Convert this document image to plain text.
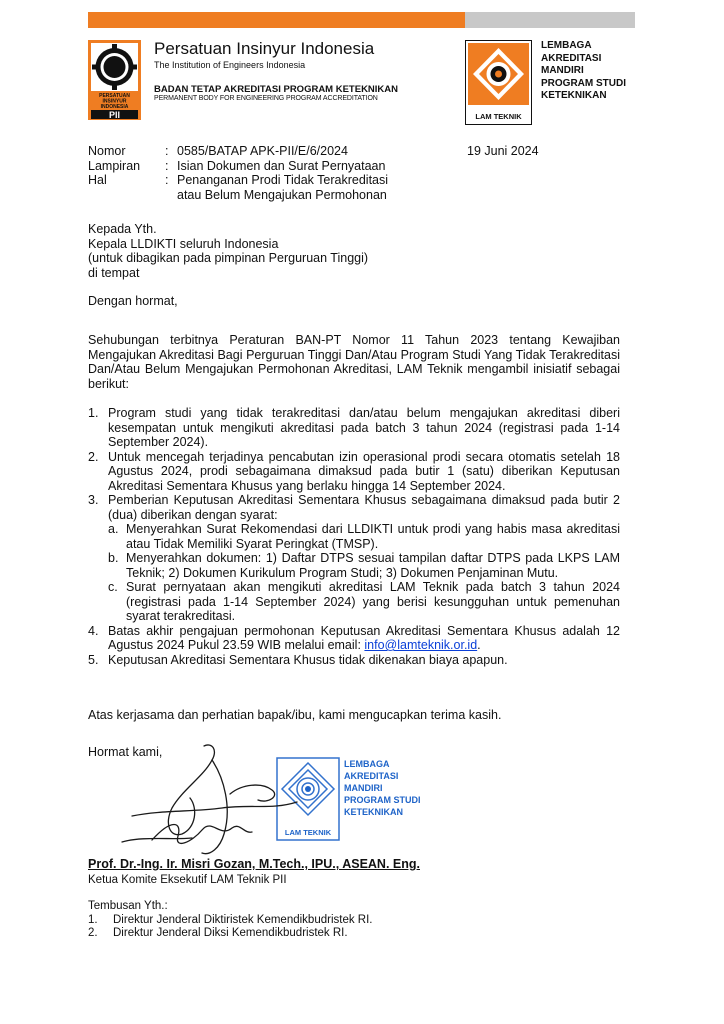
PERSATUAN
INSINYUR
INDONESIA
PII
Persatuan Insinyur Indonesia
The Institution of Engineers Indonesia
BADAN TETAP AKREDITASI PROGRAM KETEKNIKAN
PERMANENT BODY FOR ENGINEERING PROGRAM ACCREDITATION
LAM TEKNIK
LEMBAGA
AKREDITASI
MANDIRI
PROGRAM STUDI
KETEKNIKAN
Nomor	: 0585/BATAP APK-PII/E/6/2024
Lampiran	: Isian Dokumen dan Surat Pernyataan
Hal	: Penanganan Prodi Tidak Terakreditasi atau Belum Mengajukan Permohonan
19 Juni 2024
Kepada Yth.
Kepala LLDIKTI seluruh Indonesia
(untuk dibagikan pada pimpinan Perguruan Tinggi)
di tempat
Dengan hormat,
Sehubungan terbitnya Peraturan BAN-PT Nomor 11 Tahun 2023 tentang Kewajiban Mengajukan Akreditasi Bagi Perguruan Tinggi Dan/Atau Program Studi Yang Tidak Terakreditasi Dan/Atau Belum Mengajukan Permohonan Akreditasi, LAM Teknik mengambil inisiatif sebagai berikut:
1. Program studi yang tidak terakreditasi dan/atau belum mengajukan akreditasi diberi kesempatan untuk mengikuti akreditasi pada batch 3 tahun 2024 (registrasi pada 1-14 September 2024).
2. Untuk mencegah terjadinya pencabutan izin operasional prodi secara otomatis setelah 18 Agustus 2024, prodi sebagaimana dimaksud pada butir 1 (satu) diberikan Keputusan Akreditasi Sementara Khusus yang berlaku hingga 14 September 2024.
3. Pemberian Keputusan Akreditasi Sementara Khusus sebagaimana dimaksud pada butir 2 (dua) diberikan dengan syarat:
a. Menyerahkan Surat Rekomendasi dari LLDIKTI untuk prodi yang habis masa akreditasi atau Tidak Memiliki Syarat Peringkat (TMSP).
b. Menyerahkan dokumen: 1) Daftar DTPS sesuai tampilan daftar DTPS pada LKPS LAM Teknik; 2) Dokumen Kurikulum Program Studi; 3) Dokumen Penjaminan Mutu.
c. Surat pernyataan akan mengikuti akreditasi LAM Teknik pada batch 3 tahun 2024 (registrasi pada 1-14 September 2024) yang berisi kesungguhan untuk pemenuhan syarat terakreditasi.
4. Batas akhir pengajuan permohonan Keputusan Akreditasi Sementara Khusus adalah 12 Agustus 2024 Pukul 23.59 WIB melalui email: info@lamteknik.or.id.
5. Keputusan Akreditasi Sementara Khusus tidak dikenakan biaya apapun.
Atas kerjasama dan perhatian bapak/ibu, kami mengucapkan terima kasih.
Hormat kami,
LAM TEKNIK
LEMBAGA
AKREDITASI
MANDIRI
PROGRAM STUDI
KETEKNIKAN
Prof. Dr.-Ing. Ir. Misri Gozan, M.Tech., IPU., ASEAN. Eng.
Ketua Komite Eksekutif LAM Teknik PII
Tembusan Yth.:
1.	Direktur Jenderal Diktiristek Kemendikbudristek RI.
2.	Direktur Jenderal Diksi Kemendikbudristek RI.
